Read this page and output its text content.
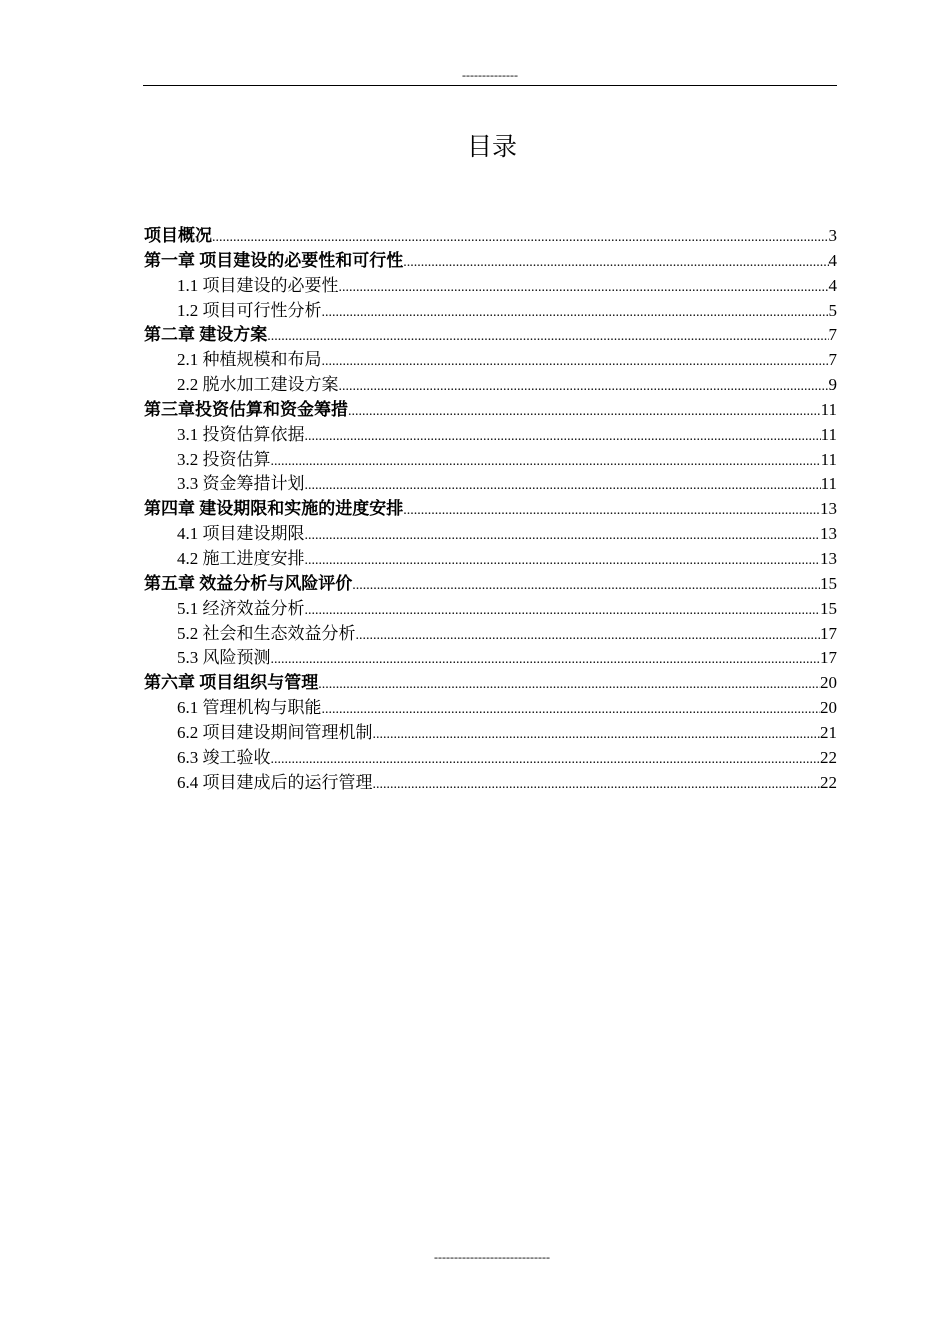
--------------
目录
项目概况 .....	3
第一章 项目建设的必要性和可行性 .....	4
1.1 项目建设的必要性 .....	4
1.2 项目可行性分析 .....	5
第二章 建设方案 .....	7
2.1 种植规模和布局 .....	7
2.2 脱水加工建设方案 .....	9
第三章投资估算和资金筹措 .....	11
3.1 投资估算依据 .....	11
3.2 投资估算 .....	11
3.3 资金筹措计划 .....	11
第四章 建设期限和实施的进度安排 .....	13
4.1 项目建设期限 .....	13
4.2 施工进度安排 .....	13
第五章 效益分析与风险评价 .....	15
5.1 经济效益分析 .....	15
5.2 社会和生态效益分析 .....	17
5.3 风险预测 .....	17
第六章 项目组织与管理 .....	20
6.1 管理机构与职能 .....	20
6.2 项目建设期间管理机制 .....	21
6.3 竣工验收 .....	22
6.4 项目建成后的运行管理 .....	22
-----------------------------
